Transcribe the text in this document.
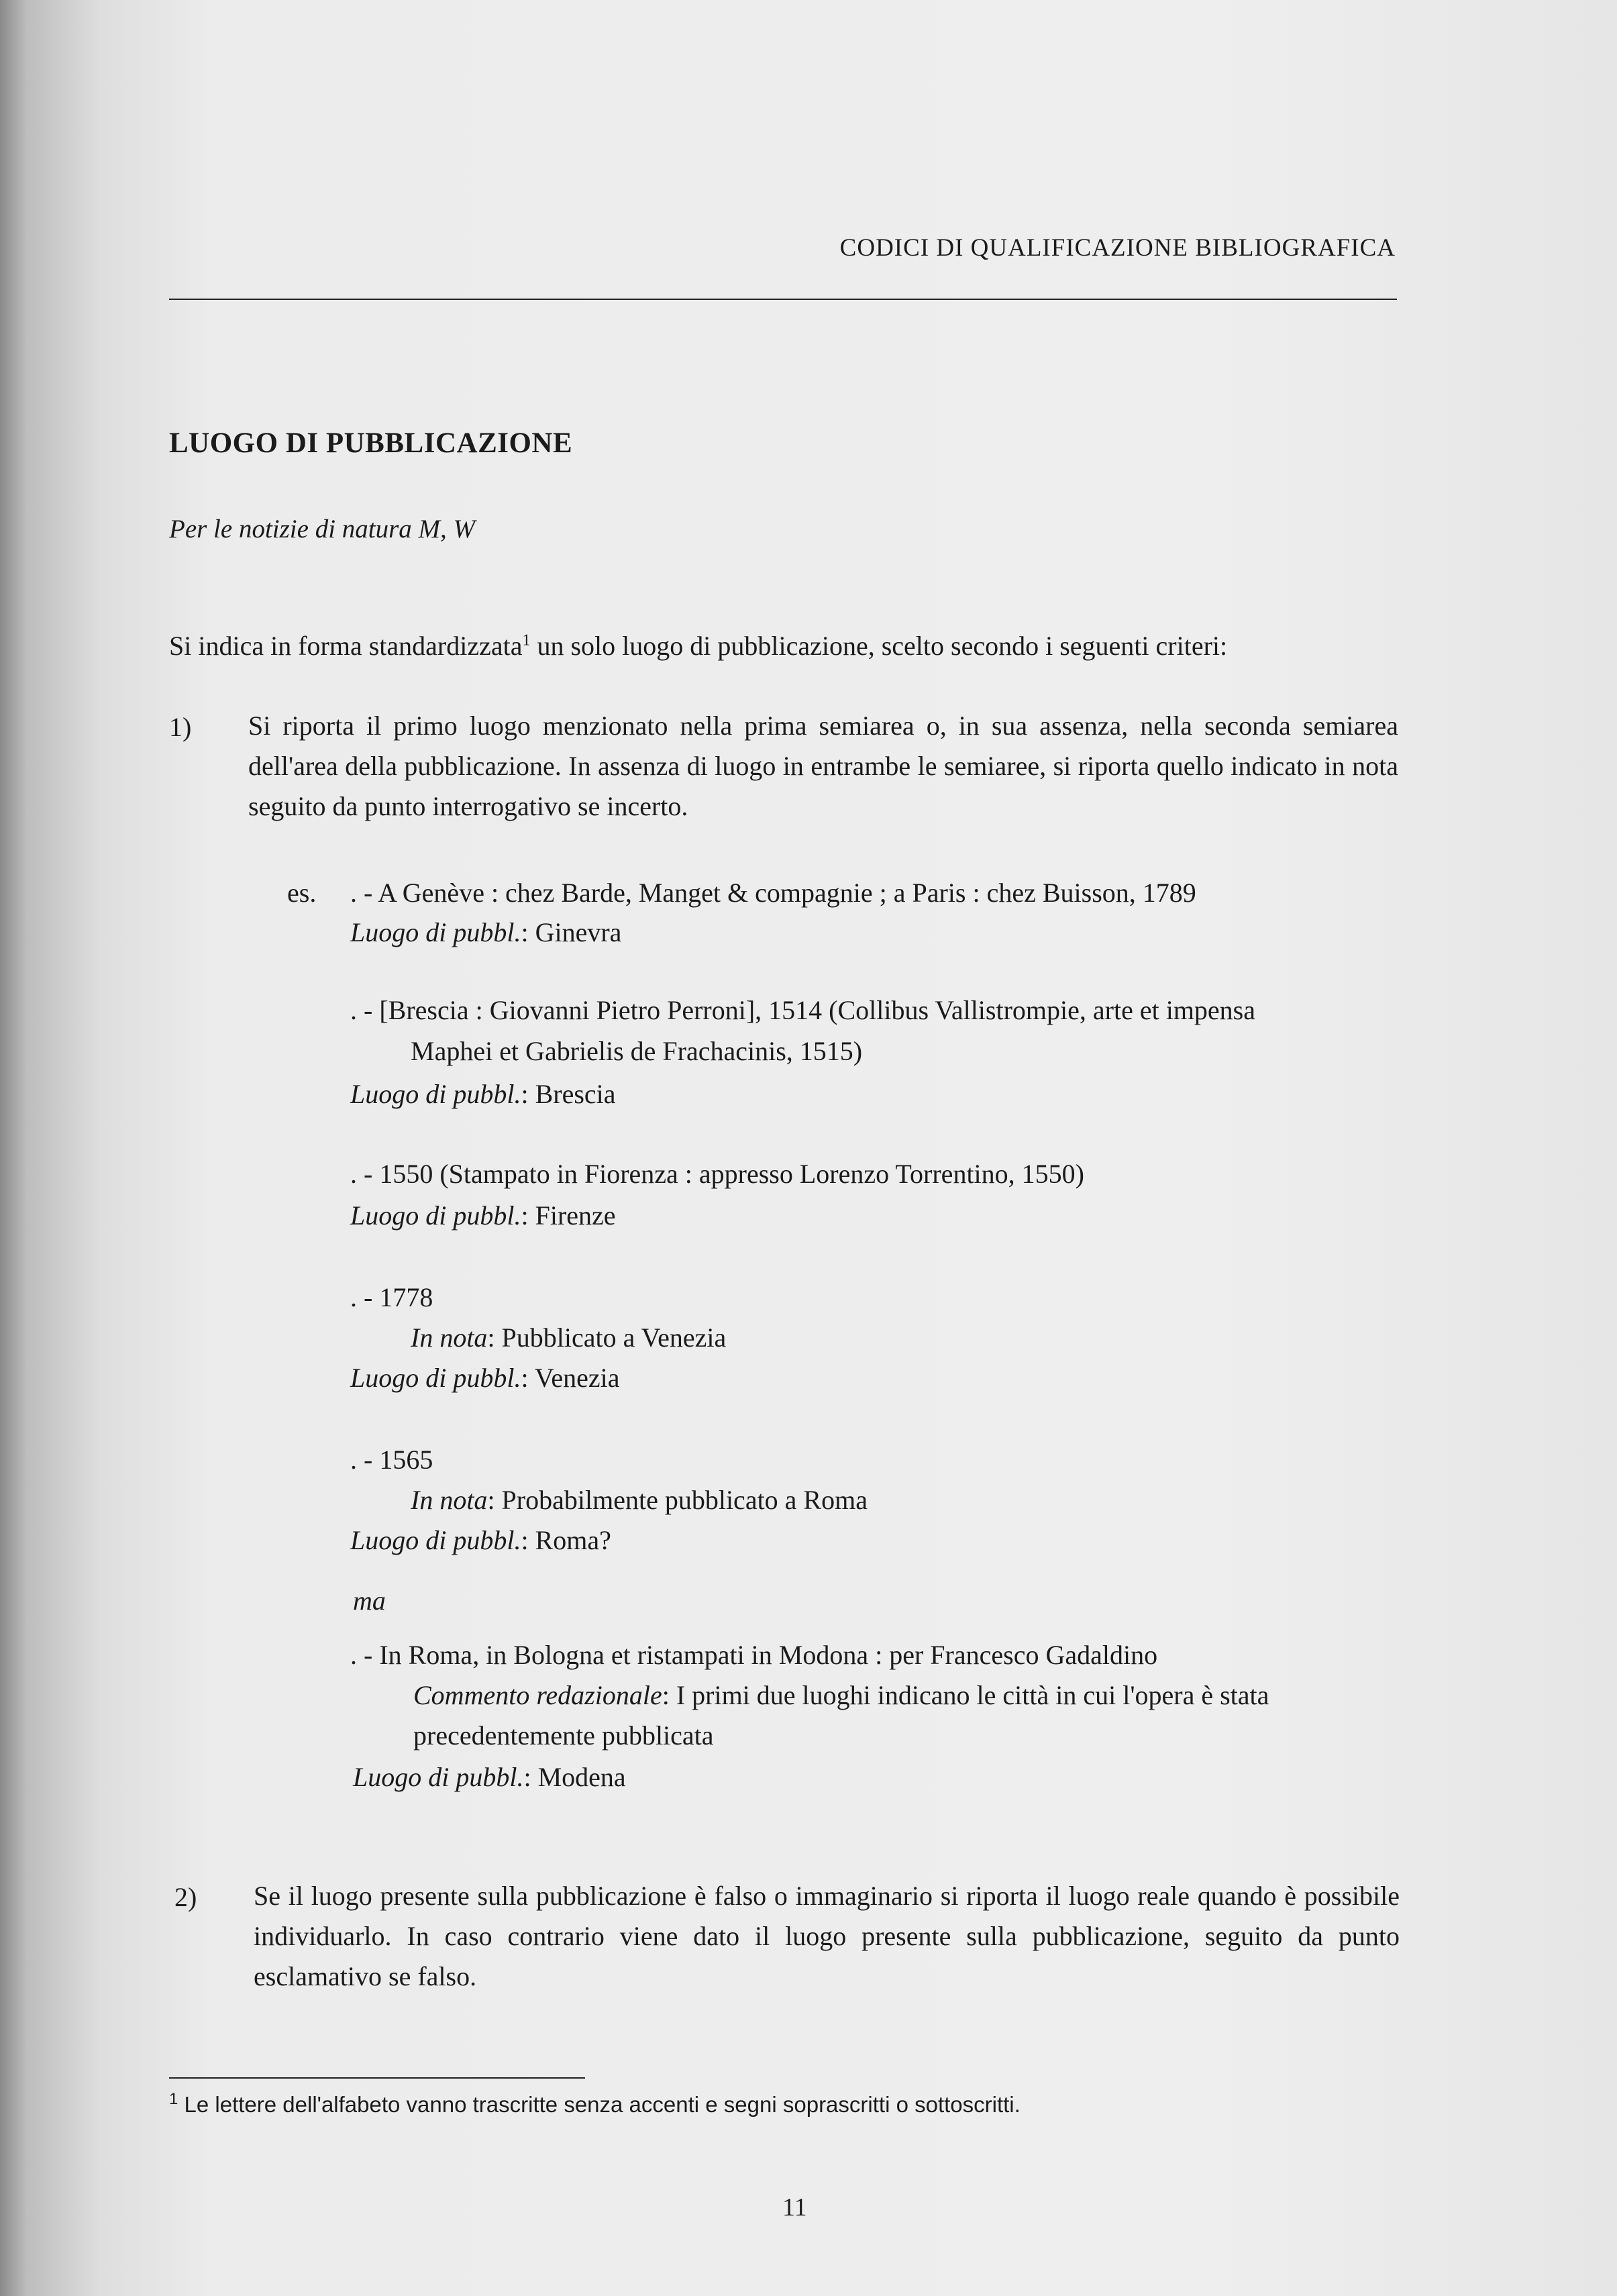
CODICI DI QUALIFICAZIONE BIBLIOGRAFICA
LUOGO DI PUBBLICAZIONE
Per le notizie di natura M, W
Si indica in forma standardizzata$^1$ un solo luogo di pubblicazione, scelto secondo i seguenti criteri:
1) Si riporta il primo luogo menzionato nella prima semiarea o, in sua assenza, nella seconda semiarea dell'area della pubblicazione. In assenza di luogo in entrambe le semiaree, si riporta quello indicato in nota seguito da punto interrogativo se incerto.
es. . - A Genève : chez Barde, Manget & compagnie ; a Paris : chez Buisson, 1789
Luogo di pubbl.: Ginevra
. - [Brescia : Giovanni Pietro Perroni], 1514 (Collibus Vallistrompie, arte et impensa
Maphei et Gabrielis de Frachacinis, 1515)
Luogo di pubbl.: Brescia
. - 1550 (Stampato in Fiorenza : appresso Lorenzo Torrentino, 1550)
Luogo di pubbl.: Firenze
. - 1778
In nota: Pubblicato a Venezia
Luogo di pubbl.: Venezia
. - 1565
In nota: Probabilmente pubblicato a Roma
Luogo di pubbl.: Roma?
ma
. - In Roma, in Bologna et ristampati in Modona : per Francesco Gadaldino
Commento redazionale: I primi due luoghi indicano le città in cui l'opera è stata
precedentemente pubblicata
Luogo di pubbl.: Modena
2) Se il luogo presente sulla pubblicazione è falso o immaginario si riporta il luogo reale quando è possibile individuarlo. In caso contrario viene dato il luogo presente sulla pubblicazione, seguito da punto esclamativo se falso.
$^1$ Le lettere dell'alfabeto vanno trascritte senza accenti e segni soprascritti o sottoscritti.
11
